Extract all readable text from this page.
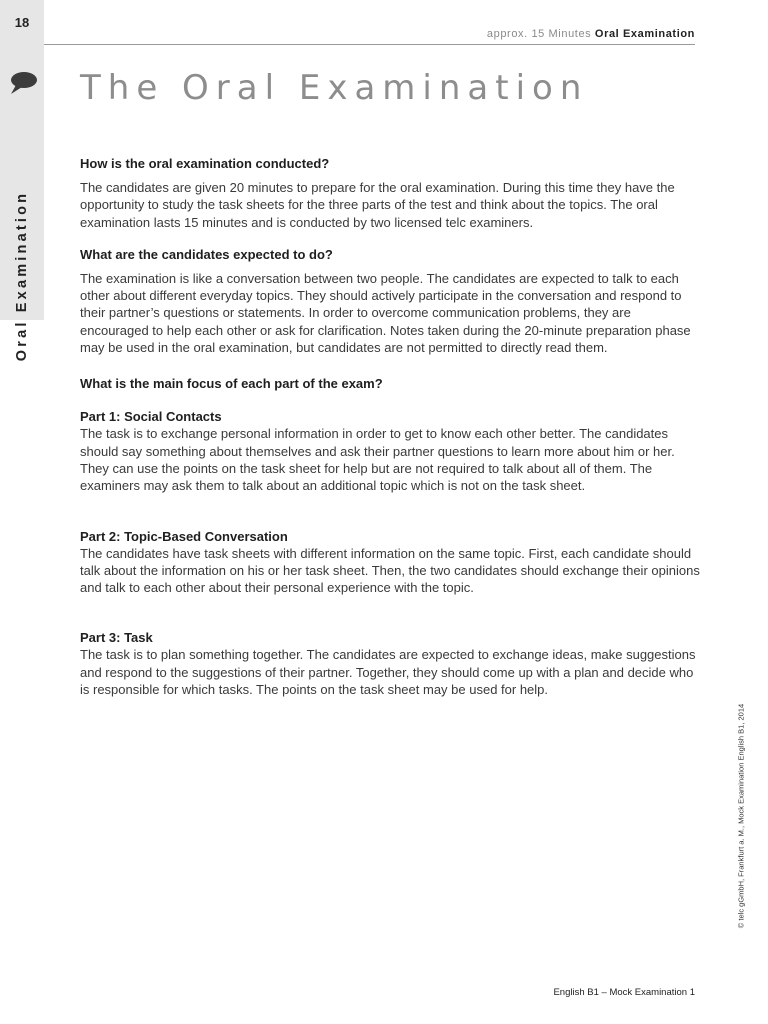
18
Oral Examination
approx. 15 Minutes Oral Examination
The Oral Examination

How is the oral examination conducted?

The candidates are given 20 minutes to prepare for the oral examination. During this time they have the opportunity to study the task sheets for the three parts of the test and think about the topics. The oral examination lasts 15 minutes and is conducted by two licensed telc examiners.

What are the candidates expected to do?

The examination is like a conversation between two people. The candidates are expected to talk to each other about different everyday topics. They should actively participate in the conversation and respond to their partner’s questions or statements. In order to overcome communication problems, they are encouraged to help each other or ask for clarification. Notes taken during the 20-minute preparation phase may be used in the oral examination, but candidates are not permitted to directly read them.

What is the main focus of each part of the exam?

Part 1: Social Contacts

The task is to exchange personal information in order to get to know each other better. The candidates should say something about themselves and ask their partner questions to learn more about him or her. They can use the points on the task sheet for help but are not required to talk about all of them. The examiners may ask them to talk about an additional topic which is not on the task sheet.

Part 2: Topic-Based Conversation

The candidates have task sheets with different information on the same topic. First, each candidate should talk about the information on his or her task sheet. Then, the two candidates should exchange their opinions and talk to each other about their personal experience with the topic.

Part 3: Task

The task is to plan something together. The candidates are expected to exchange ideas, make suggestions and respond to the suggestions of their partner. Together, they should come up with a plan and decide who is responsible for which tasks. The points on the task sheet may be used for help.

© telc gGmbH, Frankfurt a. M., Mock Examination English B1, 2014
English B1 – Mock Examination 1
